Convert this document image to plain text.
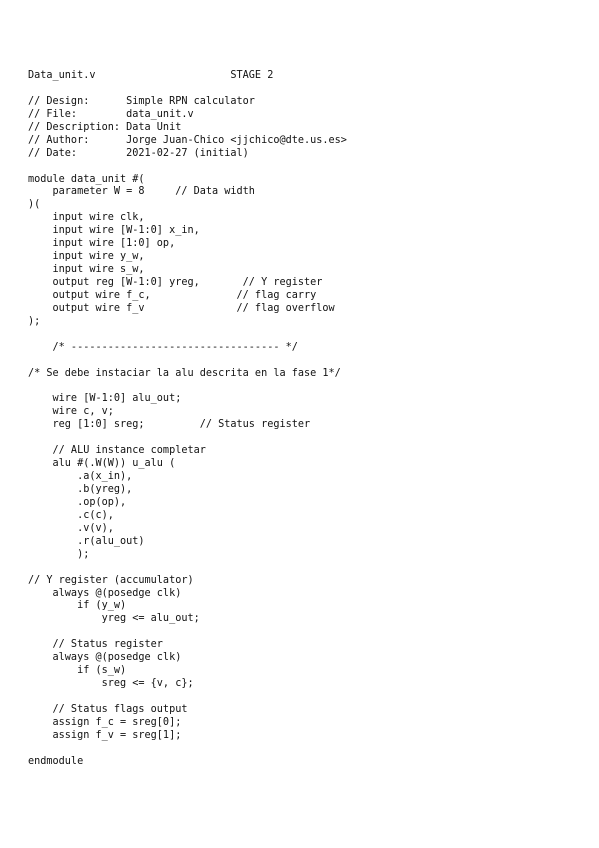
Data_unit.v                      STAGE 2
// Design:      Simple RPN calculator
// File:        data_unit.v
// Description: Data Unit
// Author:      Jorge Juan-Chico <jjchico@dte.us.es>
// Date:        2021-02-27 (initial)
module data_unit #(
parameter W = 8     // Data width
)(
input wire clk,
input wire [W-1:0] x_in,
input wire [1:0] op,
input wire y_w,
input wire s_w,
output reg [W-1:0] yreg,       // Y register
output wire f_c,              // flag carry
output wire f_v               // flag overflow
);
/* ---------------------------------- */
/* Se debe instaciar la alu descrita en la fase 1*/
wire [W-1:0] alu_out;
wire c, v;
reg [1:0] sreg;         // Status register
// ALU instance completar
alu #(.W(W)) u_alu (
.a(x_in),
.b(yreg),
.op(op),
.c(c),
.v(v),
.r(alu_out)
);
// Y register (accumulator)
always @(posedge clk)
if (y_w)
yreg <= alu_out;
// Status register
always @(posedge clk)
if (s_w)
sreg <= {v, c};
// Status flags output
assign f_c = sreg[0];
assign f_v = sreg[1];
endmodule
